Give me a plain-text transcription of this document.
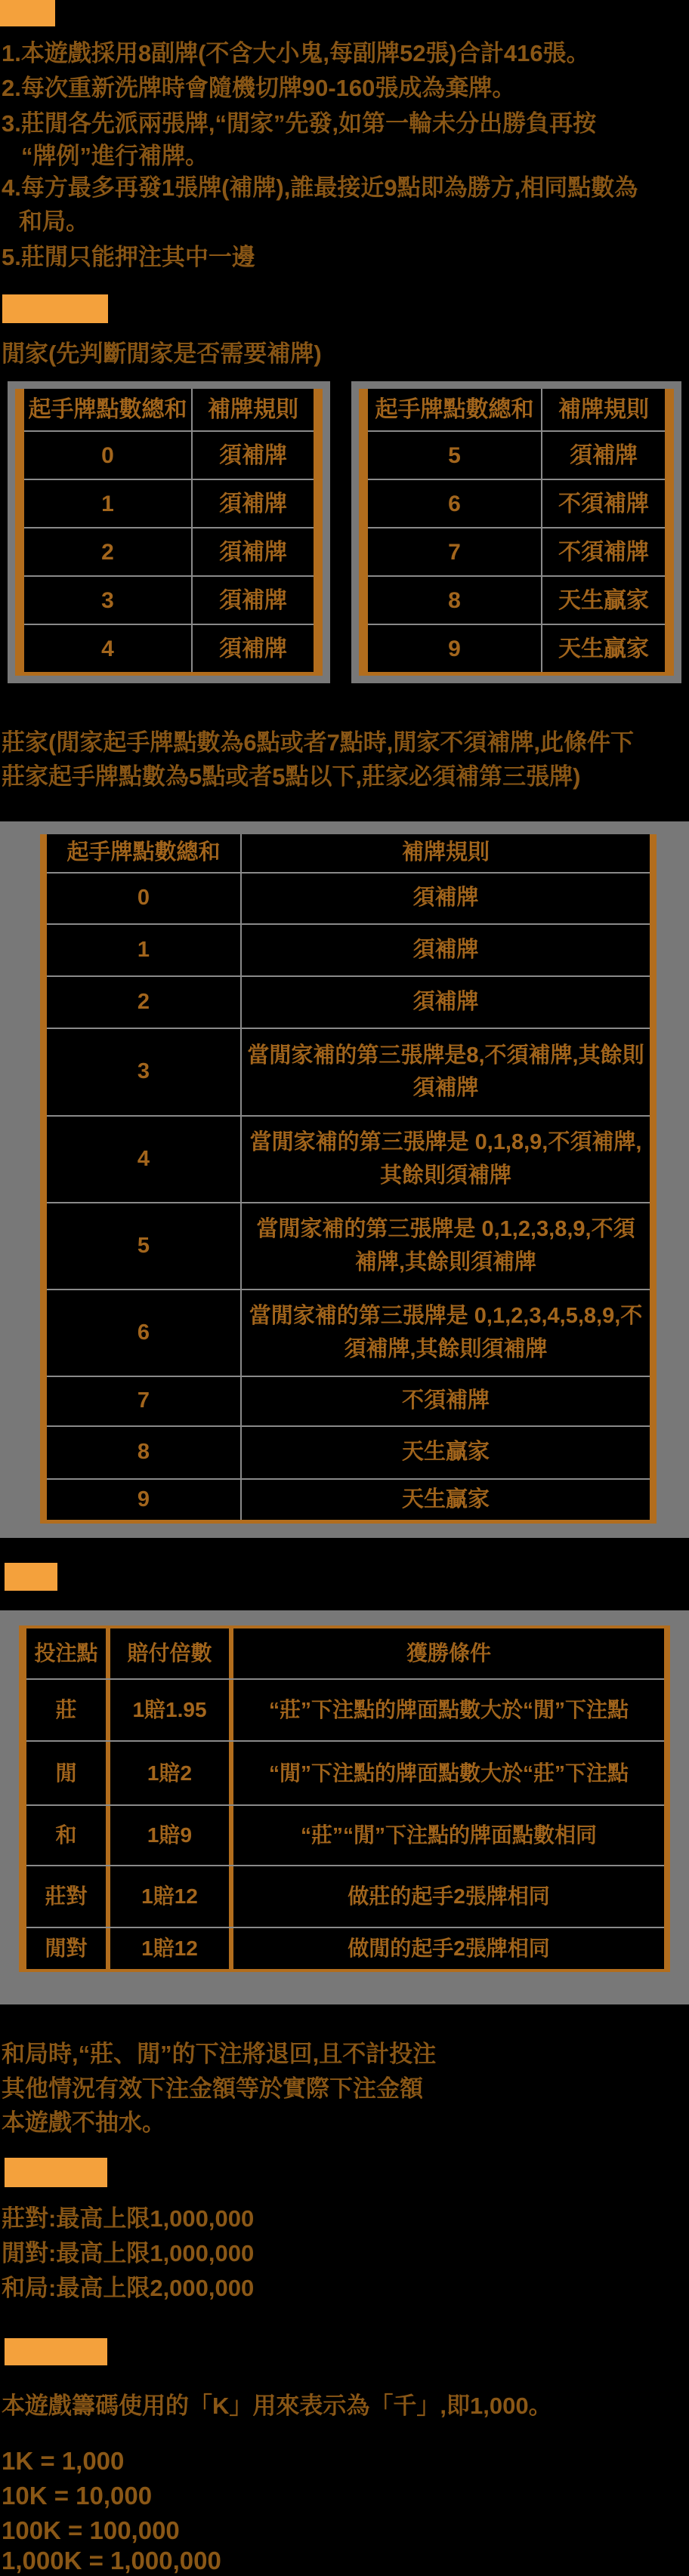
1.本遊戲採用8副牌(不含大小鬼,每副牌52張)合計416張。
2.每次重新洗牌時會隨機切牌90-160張成為棄牌。
3.莊閒各先派兩張牌,“閒家”先發,如第一輪未分出勝負再按
“牌例”進行補牌。
4.每方最多再發1張牌(補牌),誰最接近9點即為勝方,相同點數為
和局。
5.莊閒只能押注其中一邊
閒家(先判斷閒家是否需要補牌)
起手牌點數總和 補牌規則
0	須補牌
1	須補牌
2	須補牌
3	須補牌
4	須補牌
起手牌點數總和	補牌規則
5	須補牌
6	不須補牌
7	不須補牌
8	天生贏家
9	天生贏家
莊家(閒家起手牌點數為6點或者7點時,閒家不須補牌,此條件下
莊家起手牌點數為5點或者5點以下,莊家必須補第三張牌)
起手牌點數總和	補牌規則
0	須補牌
1	須補牌
2	須補牌
3
當閒家補的第三張牌是8,不須補牌,其餘則須補牌
4
當閒家補的第三張牌是 0,1,8,9,不須補牌,其餘則須補牌
5
當閒家補的第三張牌是 0,1,2,3,8,9,不須補牌,其餘則須補牌
6
當閒家補的第三張牌是 0,1,2,3,4,5,8,9,不須補牌,其餘則須補牌
7	不須補牌
8	天生贏家
9	天生贏家
投注點	賠付倍數	獲勝條件
莊	1賠1.95	“莊”下注點的牌面點數大於“閒”下注點
閒	1賠2	“閒”下注點的牌面點數大於“莊”下注點
和	1賠9	“莊”“閒”下注點的牌面點數相同
莊對	1賠12	做莊的起手2張牌相同
閒對	1賠12	做閒的起手2張牌相同
和局時,“莊、閒”的下注將退回,且不計投注
其他情況有效下注金額等於實際下注金額
本遊戲不抽水。
莊對:最高上限1,000,000
閒對:最高上限1,000,000
和局:最高上限2,000,000
本遊戲籌碼使用的「K」用來表示為「千」,即1,000。
1K = 1,000
10K = 10,000
100K = 100,000
1,000K = 1,000,000
